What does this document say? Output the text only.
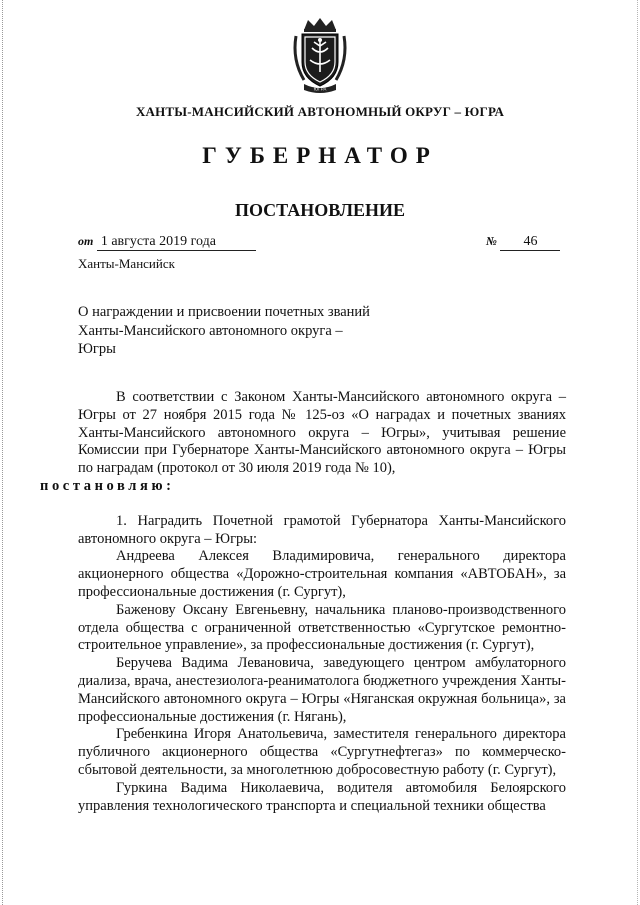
ЮГРА
ХАНТЫ-МАНСИЙСКИЙ АВТОНОМНЫЙ ОКРУГ – ЮГРА
ГУБЕРНАТОР
ПОСТАНОВЛЕНИЕ
от 1 августа 2019 года	№ 46
Ханты-Мансийск
О награждении и присвоении почетных званий Ханты-Мансийского автономного округа – Югры

В соответствии с Законом Ханты-Мансийского автономного округа – Югры от 27 ноября 2015 года № 125-оз «О наградах и почетных званиях Ханты-Мансийского автономного округа – Югры», учитывая решение Комиссии при Губернаторе Ханты-Мансийского автономного округа – Югры по наградам (протокол от 30 июля 2019 года № 10),
постановляю:

1. Наградить Почетной грамотой Губернатора Ханты-Мансийского автономного округа – Югры:

Андреева Алексея Владимировича, генерального директора акционерного общества «Дорожно-строительная компания «АВТОБАН», за профессиональные достижения (г. Сургут),

Баженову Оксану Евгеньевну, начальника планово-производственного отдела общества с ограниченной ответственностью «Сургутское ремонтно-строительное управление», за профессиональные достижения (г. Сургут),

Беручева Вадима Левановича, заведующего центром амбулаторного диализа, врача, анестезиолога-реаниматолога бюджетного учреждения Ханты-Мансийского автономного округа – Югры «Няганская окружная больница», за профессиональные достижения (г. Нягань),

Гребенкина Игоря Анатольевича, заместителя генерального директора публичного акционерного общества «Сургутнефтегаз» по коммерческо-сбытовой деятельности, за многолетнюю добросовестную работу (г. Сургут),

Гуркина Вадима Николаевича, водителя автомобиля Белоярского управления технологического транспорта и специальной техники общества
